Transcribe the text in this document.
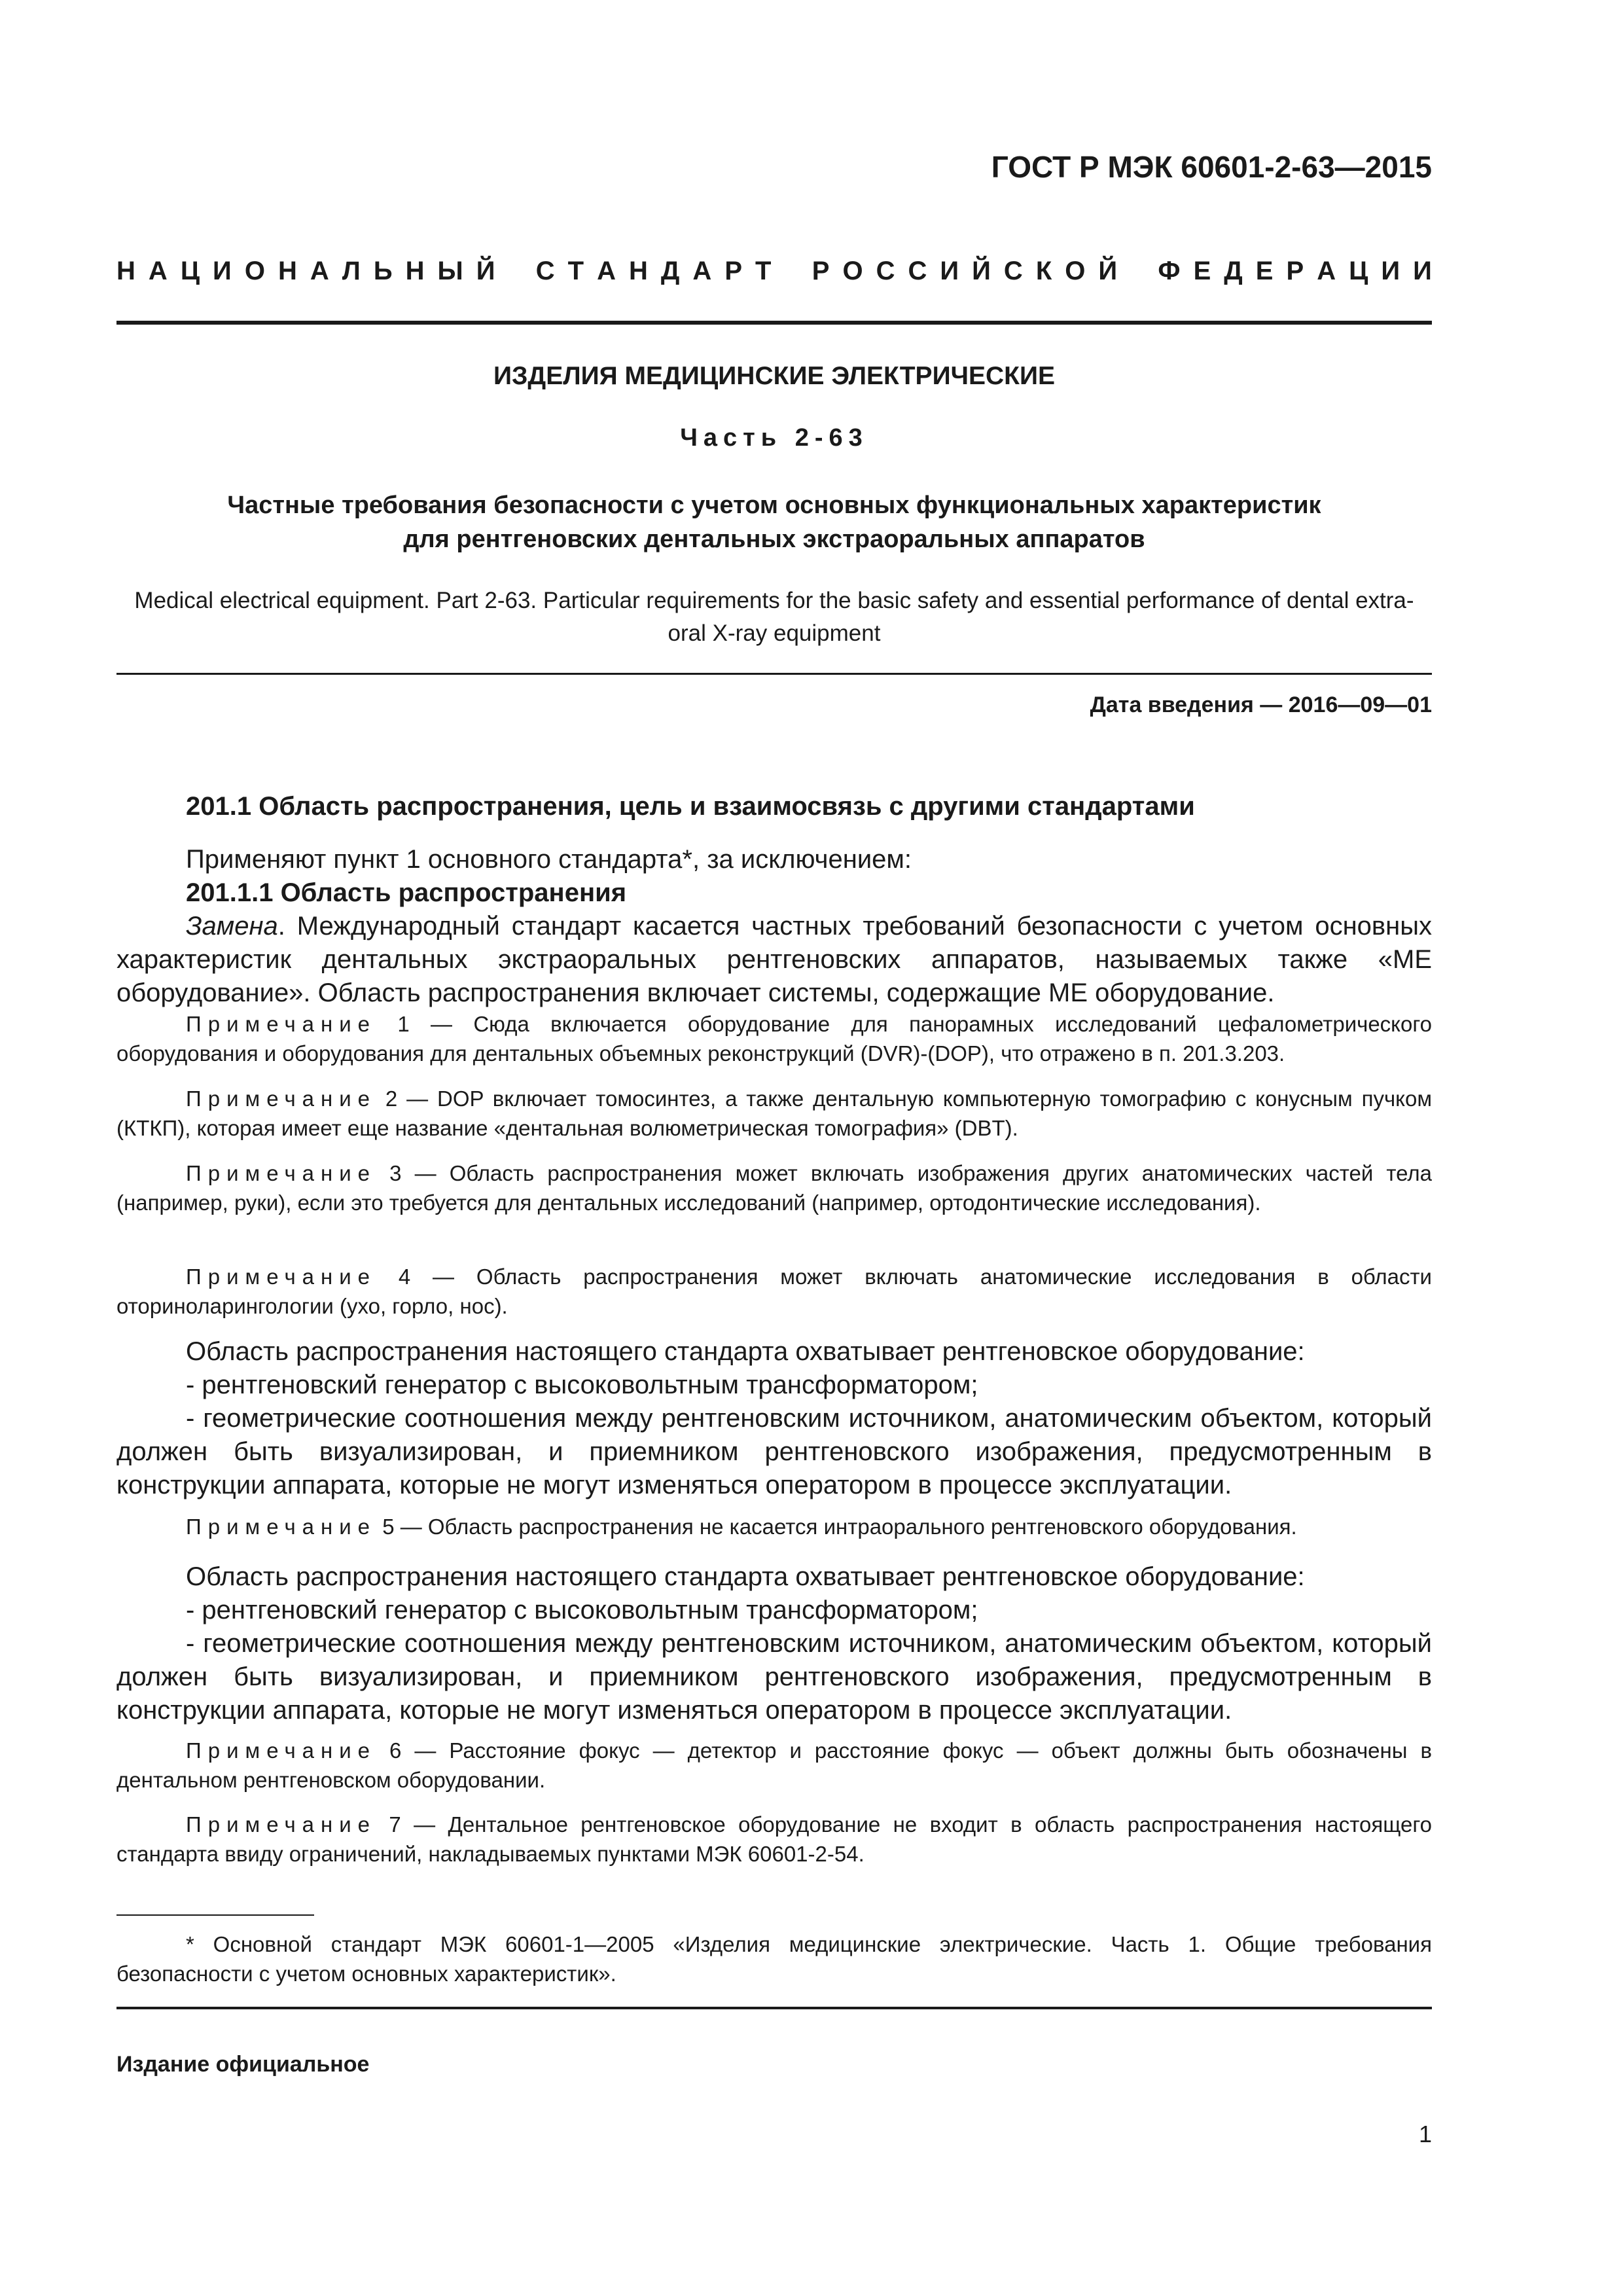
ГОСТ Р МЭК 60601-2-63—2015
Н А Ц И О Н А Л Ь Н Ы Й С Т А Н Д А Р Т Р О С С И Й С К О Й Ф Е Д Е Р А Ц И И
ИЗДЕЛИЯ МЕДИЦИНСКИЕ ЭЛЕКТРИЧЕСКИЕ
Часть 2-63
Частные требования безопасности с учетом основных функциональных характеристик
для рентгеновских дентальных экстраоральных аппаратов
Medical electrical equipment. Part 2-63. Particular requirements for the basic safety and essential performance of dental extra-oral X-ray equipment
Дата введения — 2016—09—01
201.1 Область распространения, цель и взаимосвязь с другими стандартами
Применяют пункт 1 основного стандарта*, за исключением:
201.1.1 Область распространения
Замена. Международный стандарт касается частных требований безопасности с учетом основных характеристик дентальных экстраоральных рентгеновских аппаратов, называемых также «МЕ оборудование». Область распространения включает системы, содержащие МЕ оборудование.
Примечание 1 — Сюда включается оборудование для панорамных исследований цефалометрического оборудования и оборудования для дентальных объемных реконструкций (DVR)-(DOP), что отражено в п. 201.3.203.
Примечание 2 — DOP включает томосинтез, а также дентальную компьютерную томографию с конусным пучком (КТКП), которая имеет еще название «дентальная волюметрическая томография» (DBT).
Примечание 3 — Область распространения может включать изображения других анатомических частей тела (например, руки), если это требуется для дентальных исследований (например, ортодонтические исследования).
Примечание 4 — Область распространения может включать анатомические исследования в области оториноларингологии (ухо, горло, нос).
Область распространения настоящего стандарта охватывает рентгеновское оборудование:
- рентгеновский генератор с высоковольтным трансформатором;
- геометрические соотношения между рентгеновским источником, анатомическим объектом, который должен быть визуализирован, и приемником рентгеновского изображения, предусмотренным в конструкции аппарата, которые не могут изменяться оператором в процессе эксплуатации.
Примечание 5 — Область распространения не касается интраорального рентгеновского оборудования.
Область распространения настоящего стандарта охватывает рентгеновское оборудование:
- рентгеновский генератор с высоковольтным трансформатором;
- геометрические соотношения между рентгеновским источником, анатомическим объектом, который должен быть визуализирован, и приемником рентгеновского изображения, предусмотренным в конструкции аппарата, которые не могут изменяться оператором в процессе эксплуатации.
Примечание 6 — Расстояние фокус — детектор и расстояние фокус — объект должны быть обозначены в дентальном рентгеновском оборудовании.
Примечание 7 — Дентальное рентгеновское оборудование не входит в область распространения настоящего стандарта ввиду ограничений, накладываемых пунктами МЭК 60601-2-54.
* Основной стандарт МЭК 60601-1—2005 «Изделия медицинские электрические. Часть 1. Общие требования безопасности с учетом основных характеристик».
Издание официальное
1
